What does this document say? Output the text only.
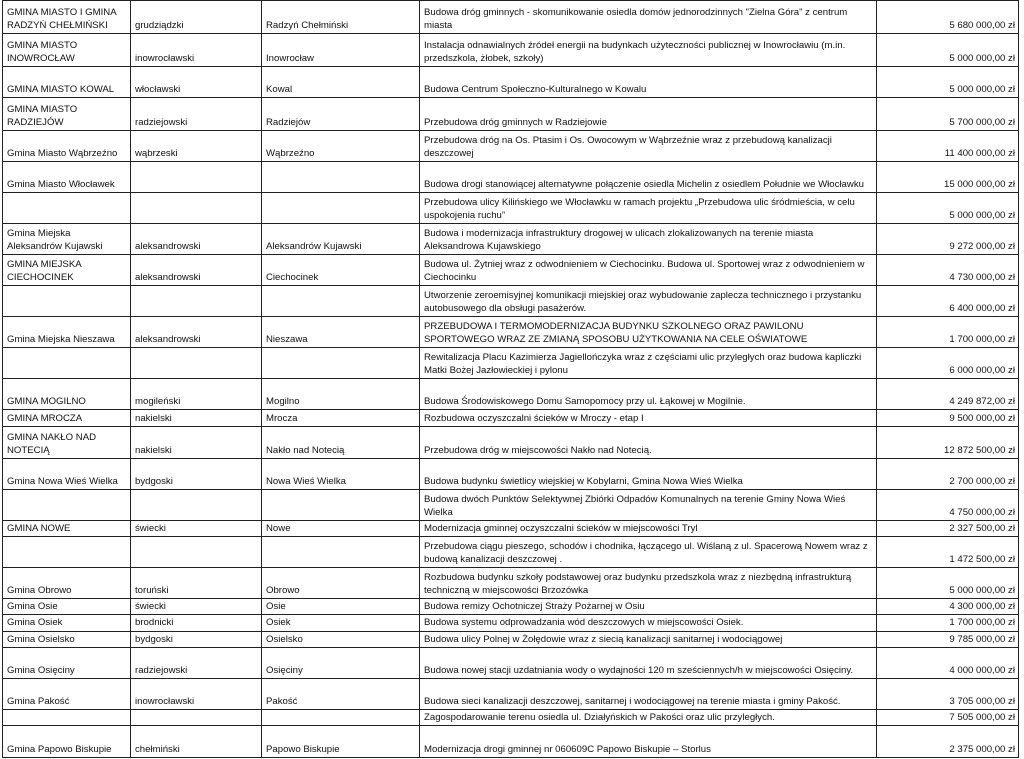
GMINA MIASTO I GMINA RADZYŃ CHEŁMIŃSKI	grudziądzki	Radzyń Chełmiński	Budowa dróg gminnych - skomunikowanie osiedla domów jednorodzinnych "Zielna Góra" z centrum miasta	5 680 000,00 zł
GMINA MIASTO INOWROCŁAW	inowrocławski	Inowrocław	Instalacja odnawialnych źródeł energii na budynkach użyteczności publicznej w Inowrocławiu (m.in. przedszkola, żłobek, szkoły)	5 000 000,00 zł
GMINA MIASTO KOWAL	włocławski	Kowal	Budowa Centrum Społeczno-Kulturalnego w Kowalu	5 000 000,00 zł
GMINA MIASTO RADZIEJÓW	radziejowski	Radziejów	Przebudowa dróg gminnych w Radziejowie	5 700 000,00 zł
Gmina Miasto Wąbrzeźno	wąbrzeski	Wąbrzeźno	Przebudowa dróg na Os. Ptasim i Os. Owocowym w Wąbrzeźnie wraz z przebudową kanalizacji deszczowej	11 400 000,00 zł
Gmina Miasto Włocławek			Budowa drogi stanowiącej alternatywne połączenie osiedla Michelin z osiedlem Południe we Włocławku	15 000 000,00 zł
			Przebudowa ulicy Kilińskiego we Włocławku w ramach projektu „Przebudowa ulic śródmieścia, w celu uspokojenia ruchu”	5 000 000,00 zł
Gmina Miejska Aleksandrów Kujawski	aleksandrowski	Aleksandrów Kujawski	Budowa i modernizacja infrastruktury drogowej w ulicach zlokalizowanych na terenie miasta Aleksandrowa Kujawskiego	9 272 000,00 zł
GMINA MIEJSKA CIECHOCINEK	aleksandrowski	Ciechocinek	Budowa ul. Żytniej wraz z odwodnieniem w Ciechocinku. Budowa ul. Sportowej wraz z odwodnieniem w Ciechocinku	4 730 000,00 zł
			Utworzenie zeroemisyjnej komunikacji miejskiej oraz wybudowanie zaplecza technicznego i przystanku autobusowego dla obsługi pasażerów.	6 400 000,00 zł
Gmina Miejska Nieszawa	aleksandrowski	Nieszawa	PRZEBUDOWA I TERMOMODERNIZACJA BUDYNKU SZKOLNEGO ORAZ PAWILONU SPORTOWEGO WRAZ ZE ZMIANĄ SPOSOBU UŻYTKOWANIA NA CELE OŚWIATOWE	1 700 000,00 zł
			Rewitalizacja Placu Kazimierza Jagiellończyka wraz z częściami ulic przyległych oraz budowa kapliczki Matki Bożej Jazłowieckiej i pylonu	6 000 000,00 zł
GMINA MOGILNO	mogileński	Mogilno	Budowa Środowiskowego Domu Samopomocy przy ul. Łąkowej w Mogilnie.	4 249 872,00 zł
GMINA MROCZA	nakielski	Mrocza	Rozbudowa oczyszczalni ścieków w Mroczy - etap I	9 500 000,00 zł
GMINA NAKŁO NAD NOTECIĄ	nakielski	Nakło nad Notecią	Przebudowa dróg w miejscowości Nakło nad Notecią.	12 872 500,00 zł
Gmina Nowa Wieś Wielka	bydgoski	Nowa Wieś Wielka	Budowa budynku świetlicy wiejskiej w Kobylarni, Gmina Nowa Wieś Wielka	2 700 000,00 zł
			Budowa dwóch Punktów Selektywnej Zbiórki Odpadów Komunalnych na terenie Gminy Nowa Wieś Wielka	4 750 000,00 zł
GMINA NOWE	świecki	Nowe	Modernizacja gminnej oczyszczalni ścieków w miejscowości Tryl	2 327 500,00 zł
			Przebudowa ciągu pieszego, schodów i chodnika, łączącego ul. Wiślaną z ul. Spacerową Nowem wraz z budową kanalizacji deszczowej .	1 472 500,00 zł
Gmina Obrowo	toruński	Obrowo	Rozbudowa budynku szkoły podstawowej oraz budynku przedszkola wraz z niezbędną infrastrukturą techniczną w miejscowości Brzozówka	5 000 000,00 zł
Gmina Osie	świecki	Osie	Budowa remizy Ochotniczej Straży Pożarnej w Osiu	4 300 000,00 zł
Gmina Osiek	brodnicki	Osiek	Budowa systemu odprowadzania wód deszczowych w miejscowości Osiek.	1 700 000,00 zł
Gmina Osielsko	bydgoski	Osielsko	Budowa ulicy Polnej w Żołędowie wraz z siecią kanalizacji sanitarnej i wodociągowej	9 785 000,00 zł
Gmina Osięciny	radziejowski	Osięciny	Budowa nowej stacji uzdatniania wody o wydajności 120 m sześciennych/h w miejscowości Osięciny.	4 000 000,00 zł
Gmina Pakość	inowrocławski	Pakość	Budowa sieci kanalizacji deszczowej, sanitarnej i wodociągowej na terenie miasta i gminy Pakość.	3 705 000,00 zł
			Zagospodarowanie terenu osiedla ul. Działyńskich w Pakości oraz ulic przyległych.	7 505 000,00 zł
Gmina Papowo Biskupie	chełmiński	Papowo Biskupie	Modernizacja drogi gminnej nr 060609C Papowo Biskupie – Storlus	2 375 000,00 zł
